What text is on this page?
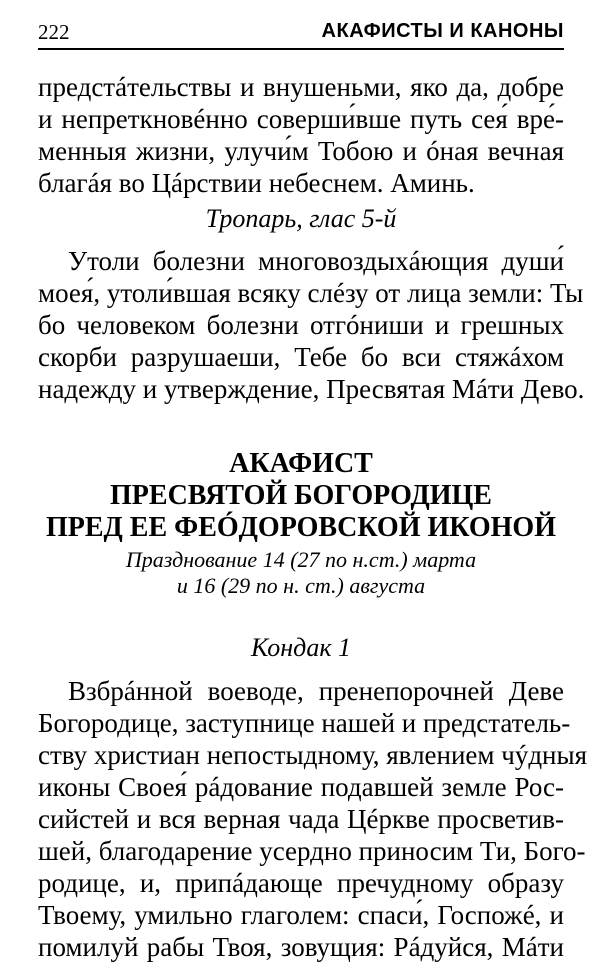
222	АКАФИСТЫ И КАНОНЫ
предстáтельствы и внушеньми, яко да, добре
и непреткновéнно соверши́вше путь сея́ вре́-
менныя жизни, улучи́м Тобою и óная вечная
благáя во Цáрствии небеснем. Аминь.
Тропарь, глас 5-й
Утоли болезни многовоздыхáющия души́
моея́, утоли́вшая всяку слéзу от лица земли: Ты
бо человеком болезни отгóниши и грешных
скорби разрушаеши, Тебе бо вси стяжáхом
надежду и утверждение, Пресвятая Мáти Дево.
АКАФИСТ
ПРЕСВЯТОЙ БОГОРОДИЦЕ
ПРЕД ЕЕ ФЕÓДОРОВСКОЙ ИКОНОЙ
Празднование 14 (27 по н.ст.) марта
и 16 (29 по н. ст.) августа
Кондак 1
Взбрáнной воеводе, пренепорочней Деве
Богородице, заступнице нашей и предстатель-
ству христиан непостыдному, явлением чýдныя
иконы Своея́ рáдование подавшей земле Рос-
сийстей и вся верная чада Цéркве просветив-
шей, благодарение усердно приносим Ти, Бого-
родице, и, припáдающе пречудному образу
Твоему, умильно глаголем: спаси́, Госпожé, и
помилуй рабы Твоя, зовущия: Рáдуйся, Мáти
